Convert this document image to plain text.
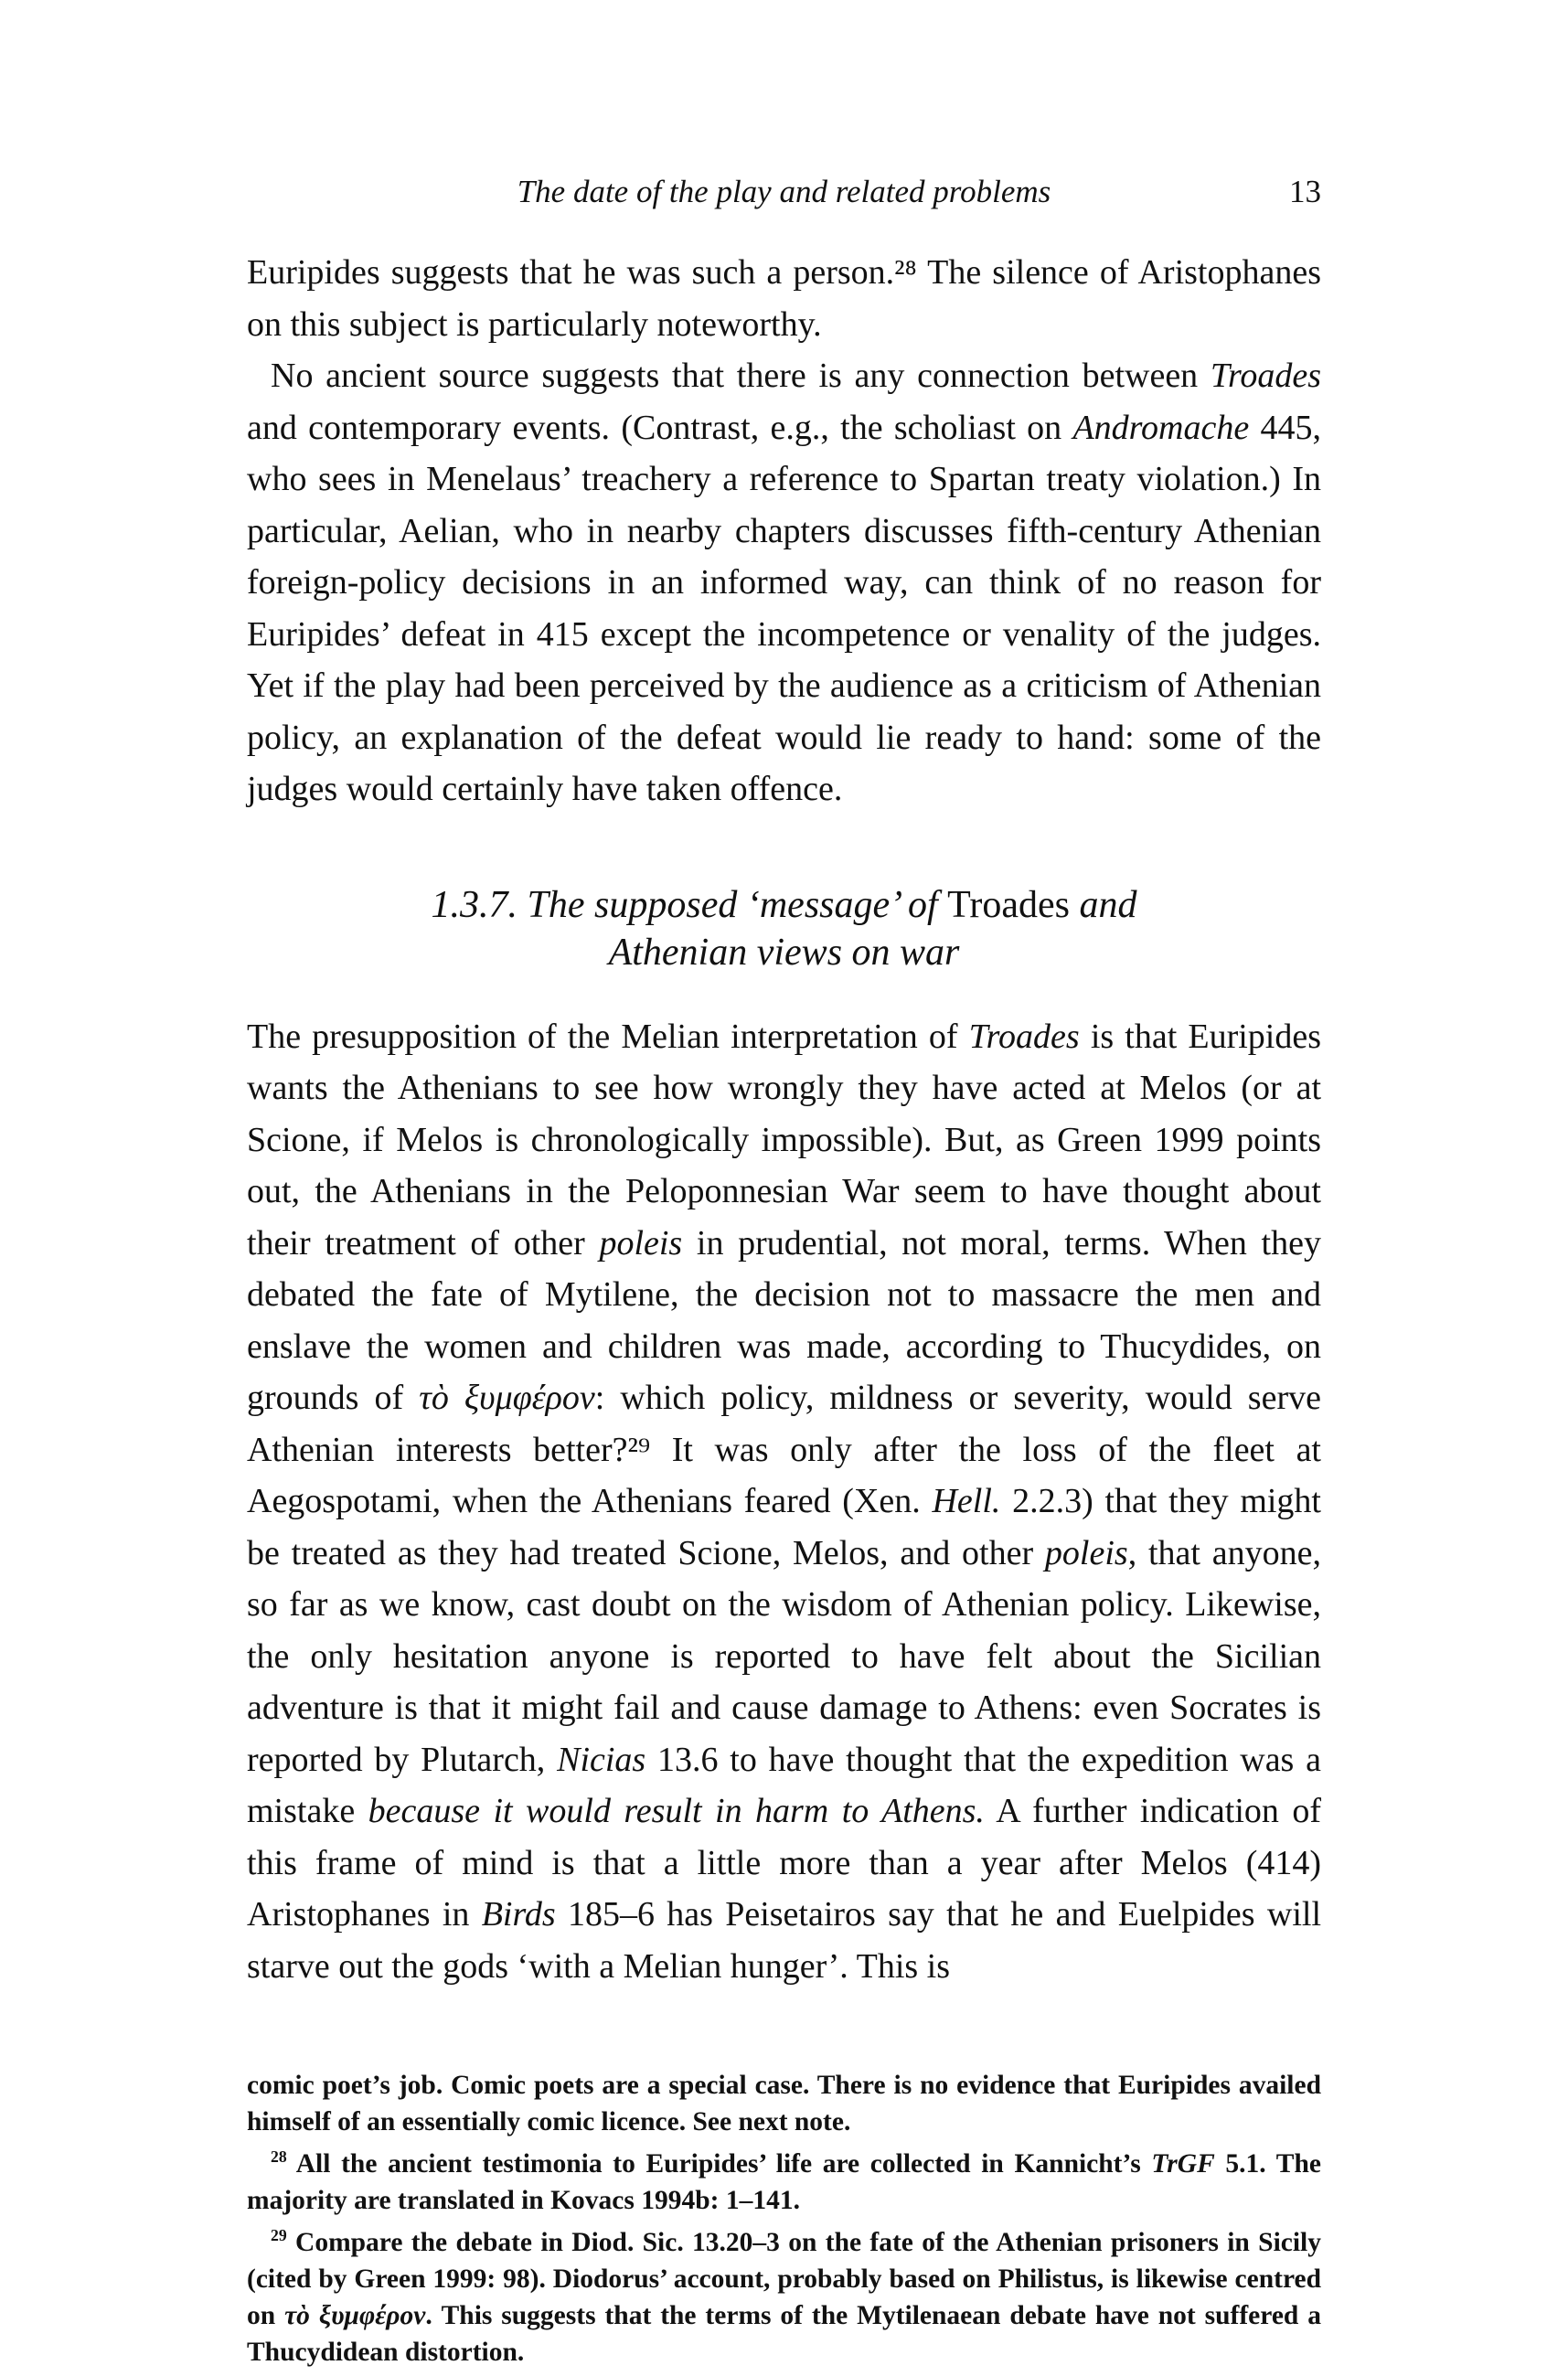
The date of the play and related problems	13

Euripides suggests that he was such a person.²⁸ The silence of Aristophanes on this subject is particularly noteworthy.

No ancient source suggests that there is any connection between Troades and contemporary events. (Contrast, e.g., the scholiast on Andromache 445, who sees in Menelaus’ treachery a reference to Spartan treaty violation.) In particular, Aelian, who in nearby chapters discusses fifth-century Athenian foreign-policy decisions in an informed way, can think of no reason for Euripides’ defeat in 415 except the incompetence or venality of the judges. Yet if the play had been perceived by the audience as a criticism of Athenian policy, an explanation of the defeat would lie ready to hand: some of the judges would certainly have taken offence.

1.3.7. The supposed ‘message’ of Troades and
Athenian views on war

The presupposition of the Melian interpretation of Troades is that Euripides wants the Athenians to see how wrongly they have acted at Melos (or at Scione, if Melos is chronologically impossible). But, as Green 1999 points out, the Athenians in the Peloponnesian War seem to have thought about their treatment of other poleis in prudential, not moral, terms. When they debated the fate of Mytilene, the decision not to massacre the men and enslave the women and children was made, according to Thucydides, on grounds of τὸ ξυμφέρον: which policy, mildness or severity, would serve Athenian interests better?²⁹ It was only after the loss of the fleet at Aegospotami, when the Athenians feared (Xen. Hell. 2.2.3) that they might be treated as they had treated Scione, Melos, and other poleis, that anyone, so far as we know, cast doubt on the wisdom of Athenian policy. Likewise, the only hesitation anyone is reported to have felt about the Sicilian adventure is that it might fail and cause damage to Athens: even Socrates is reported by Plutarch, Nicias 13.6 to have thought that the expedition was a mistake because it would result in harm to Athens. A further indication of this frame of mind is that a little more than a year after Melos (414) Aristophanes in Birds 185–6 has Peisetairos say that he and Euelpides will starve out the gods ‘with a Melian hunger’. This is

comic poet’s job. Comic poets are a special case. There is no evidence that Euripides availed himself of an essentially comic licence. See next note.

$^{28}$ All the ancient testimonia to Euripides’ life are collected in Kannicht’s TrGF 5.1. The majority are translated in Kovacs 1994b: 1–141.

$^{29}$ Compare the debate in Diod. Sic. 13.20–3 on the fate of the Athenian prisoners in Sicily (cited by Green 1999: 98). Diodorus’ account, probably based on Philistus, is likewise centred on τὸ ξυμφέρον. This suggests that the terms of the Mytilenaean debate have not suffered a Thucydidean distortion.
